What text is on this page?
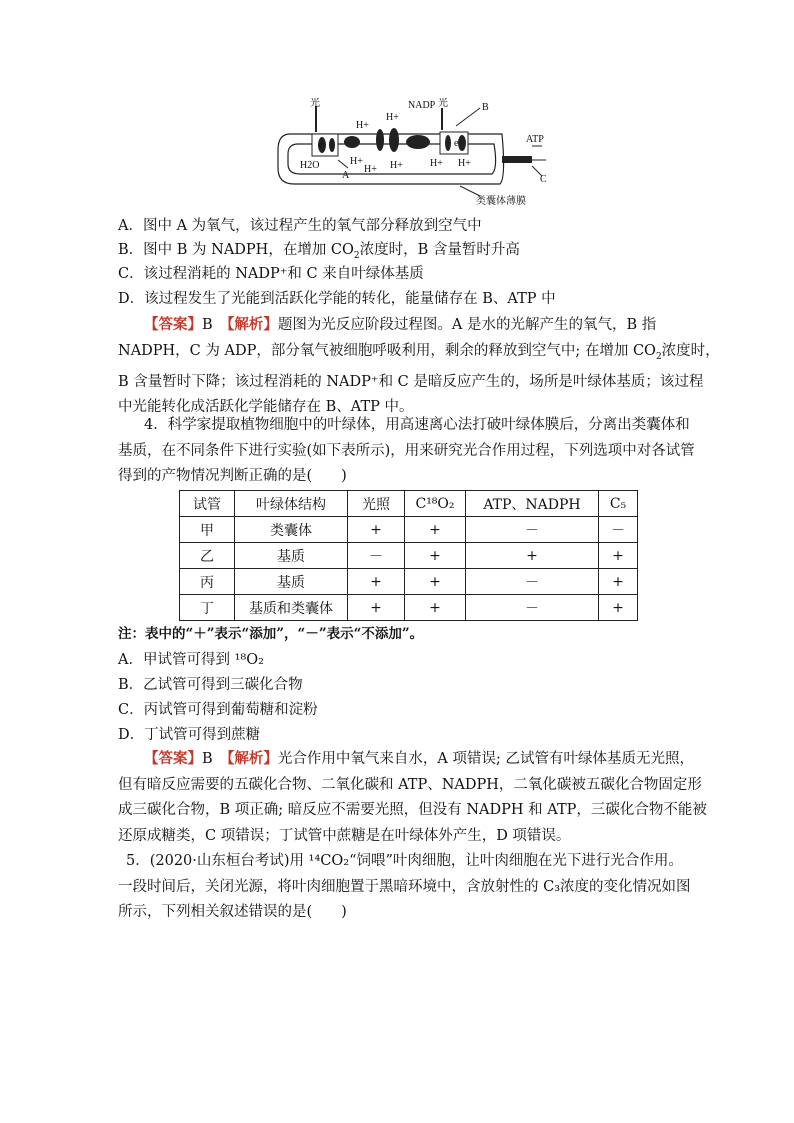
光	光
NADP	B
ATP
C
H2O
A
H+
H+
H+
H+ H+	H+ H+
e	e
类囊体薄膜
A．图中 A 为氧气，该过程产生的氧气部分释放到空气中
B．图中 B 为 NADPH，在增加 $CO_2$浓度时，B 含量暂时升高
C．该过程消耗的 NADP⁺和 C 来自叶绿体基质
D．该过程发生了光能到活跃化学能的转化，能量储存在 B、ATP 中
【答案】B　 【解析】题图为光反应阶段过程图。A 是水的光解产生的氧气，B 指
NADPH，C 为 ADP，部分氧气被细胞呼吸利用，剩余的释放到空气中; 在增加 $CO_2$浓度时，
B 含量暂时下降；该过程消耗的 NADP⁺和 C 是暗反应产生的，场所是叶绿体基质；该过程
中光能转化成活跃化学能储存在 B、ATP 中。
4．科学家提取植物细胞中的叶绿体，用高速离心法打破叶绿体膜后，分离出类囊体和
基质，在不同条件下进行实验(如下表所示)，用来研究光合作用过程，下列选项中对各试管
得到的产物情况判断正确的是(　　)
试管	叶绿体结构	光照	C¹⁸O₂	ATP、NADPH	C₅
甲	类囊体	+	+	－	－
乙	基质	－	+	+	+
丙	基质	+	+	－	+
丁	基质和类囊体	+	+	－	+
注：表中的“＋”表示“添加”，“－”表示“不添加”。
A．甲试管可得到 ¹⁸O₂
B．乙试管可得到三碳化合物
C．丙试管可得到葡萄糖和淀粉
D．丁试管可得到蔗糖
【答案】B　 【解析】光合作用中氧气来自水，A 项错误; 乙试管有叶绿体基质无光照，
但有暗反应需要的五碳化合物、二氧化碳和 ATP、NADPH，二氧化碳被五碳化合物固定形
成三碳化合物，B 项正确; 暗反应不需要光照，但没有 NADPH 和 ATP，三碳化合物不能被
还原成糖类，C 项错误；丁试管中蔗糖是在叶绿体外产生，D 项错误。
5．(2020·山东桓台考试)用 ¹⁴CO₂“饲喂”叶肉细胞，让叶肉细胞在光下进行光合作用。
一段时间后，关闭光源，将叶肉细胞置于黑暗环境中，含放射性的 C₃浓度的变化情况如图
所示，下列相关叙述错误的是(　　)
